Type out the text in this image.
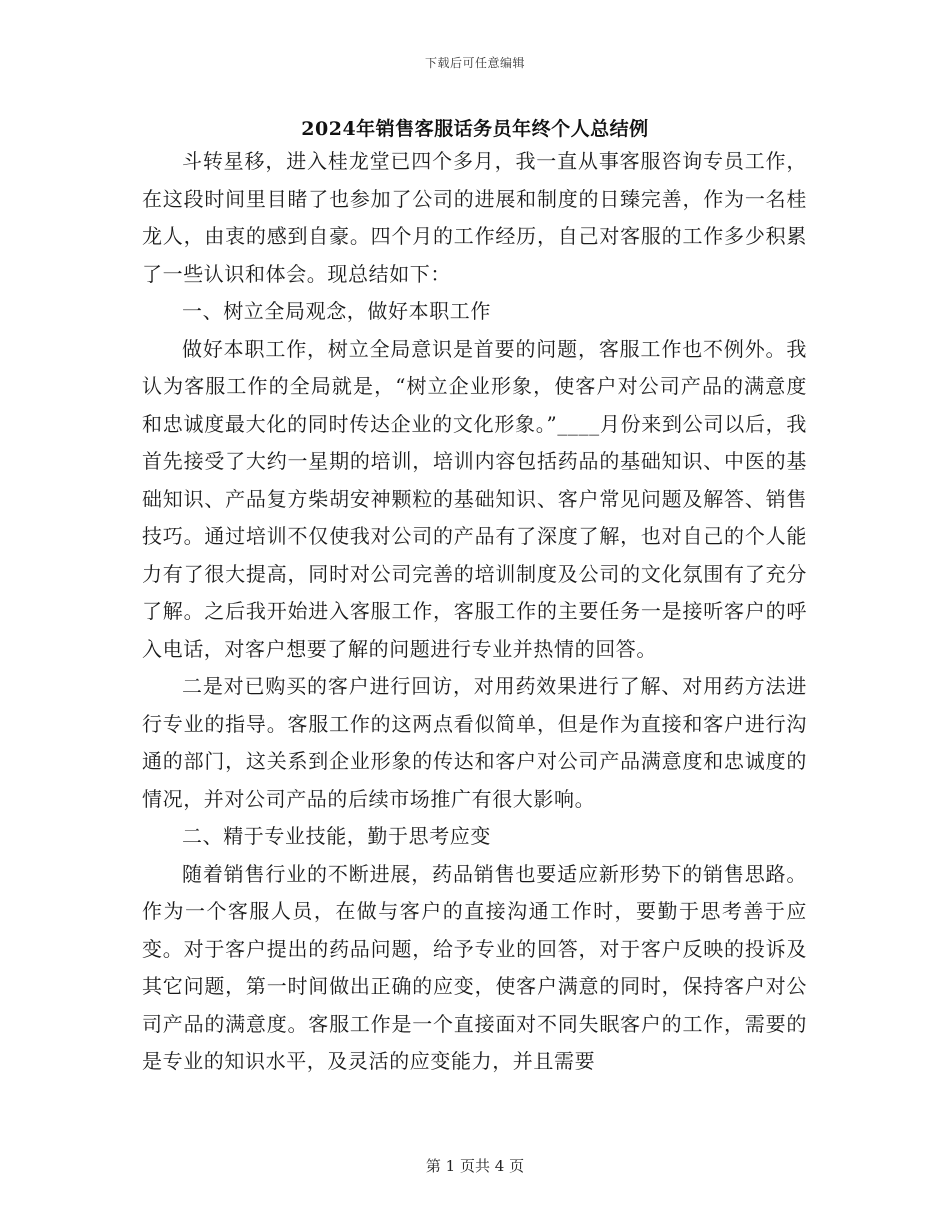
下载后可任意编辑
2024年销售客服话务员年终个人总结例

斗转星移，进入桂龙堂已四个多月，我一直从事客服咨询专员工作，在这段时间里目睹了也参加了公司的进展和制度的日臻完善，作为一名桂龙人，由衷的感到自豪。四个月的工作经历，自己对客服的工作多少积累了一些认识和体会。现总结如下：

一、树立全局观念，做好本职工作

做好本职工作，树立全局意识是首要的问题，客服工作也不例外。我认为客服工作的全局就是，“树立企业形象，使客户对公司产品的满意度和忠诚度最大化的同时传达企业的文化形象。”____月份来到公司以后，我首先接受了大约一星期的培训，培训内容包括药品的基础知识、中医的基础知识、产品复方柴胡安神颗粒的基础知识、客户常见问题及解答、销售技巧。通过培训不仅使我对公司的产品有了深度了解，也对自己的个人能力有了很大提高，同时对公司完善的培训制度及公司的文化氛围有了充分了解。之后我开始进入客服工作，客服工作的主要任务一是接听客户的呼入电话，对客户想要了解的问题进行专业并热情的回答。

二是对已购买的客户进行回访，对用药效果进行了解、对用药方法进行专业的指导。客服工作的这两点看似简单，但是作为直接和客户进行沟通的部门，这关系到企业形象的传达和客户对公司产品满意度和忠诚度的情况，并对公司产品的后续市场推广有很大影响。

二、精于专业技能，勤于思考应变

随着销售行业的不断进展，药品销售也要适应新形势下的销售思路。作为一个客服人员，在做与客户的直接沟通工作时，要勤于思考善于应变。对于客户提出的药品问题，给予专业的回答，对于客户反映的投诉及其它问题，第一时间做出正确的应变，使客户满意的同时，保持客户对公司产品的满意度。客服工作是一个直接面对不同失眠客户的工作，需要的是专业的知识水平，及灵活的应变能力，并且需要

第 1 页共 4 页
